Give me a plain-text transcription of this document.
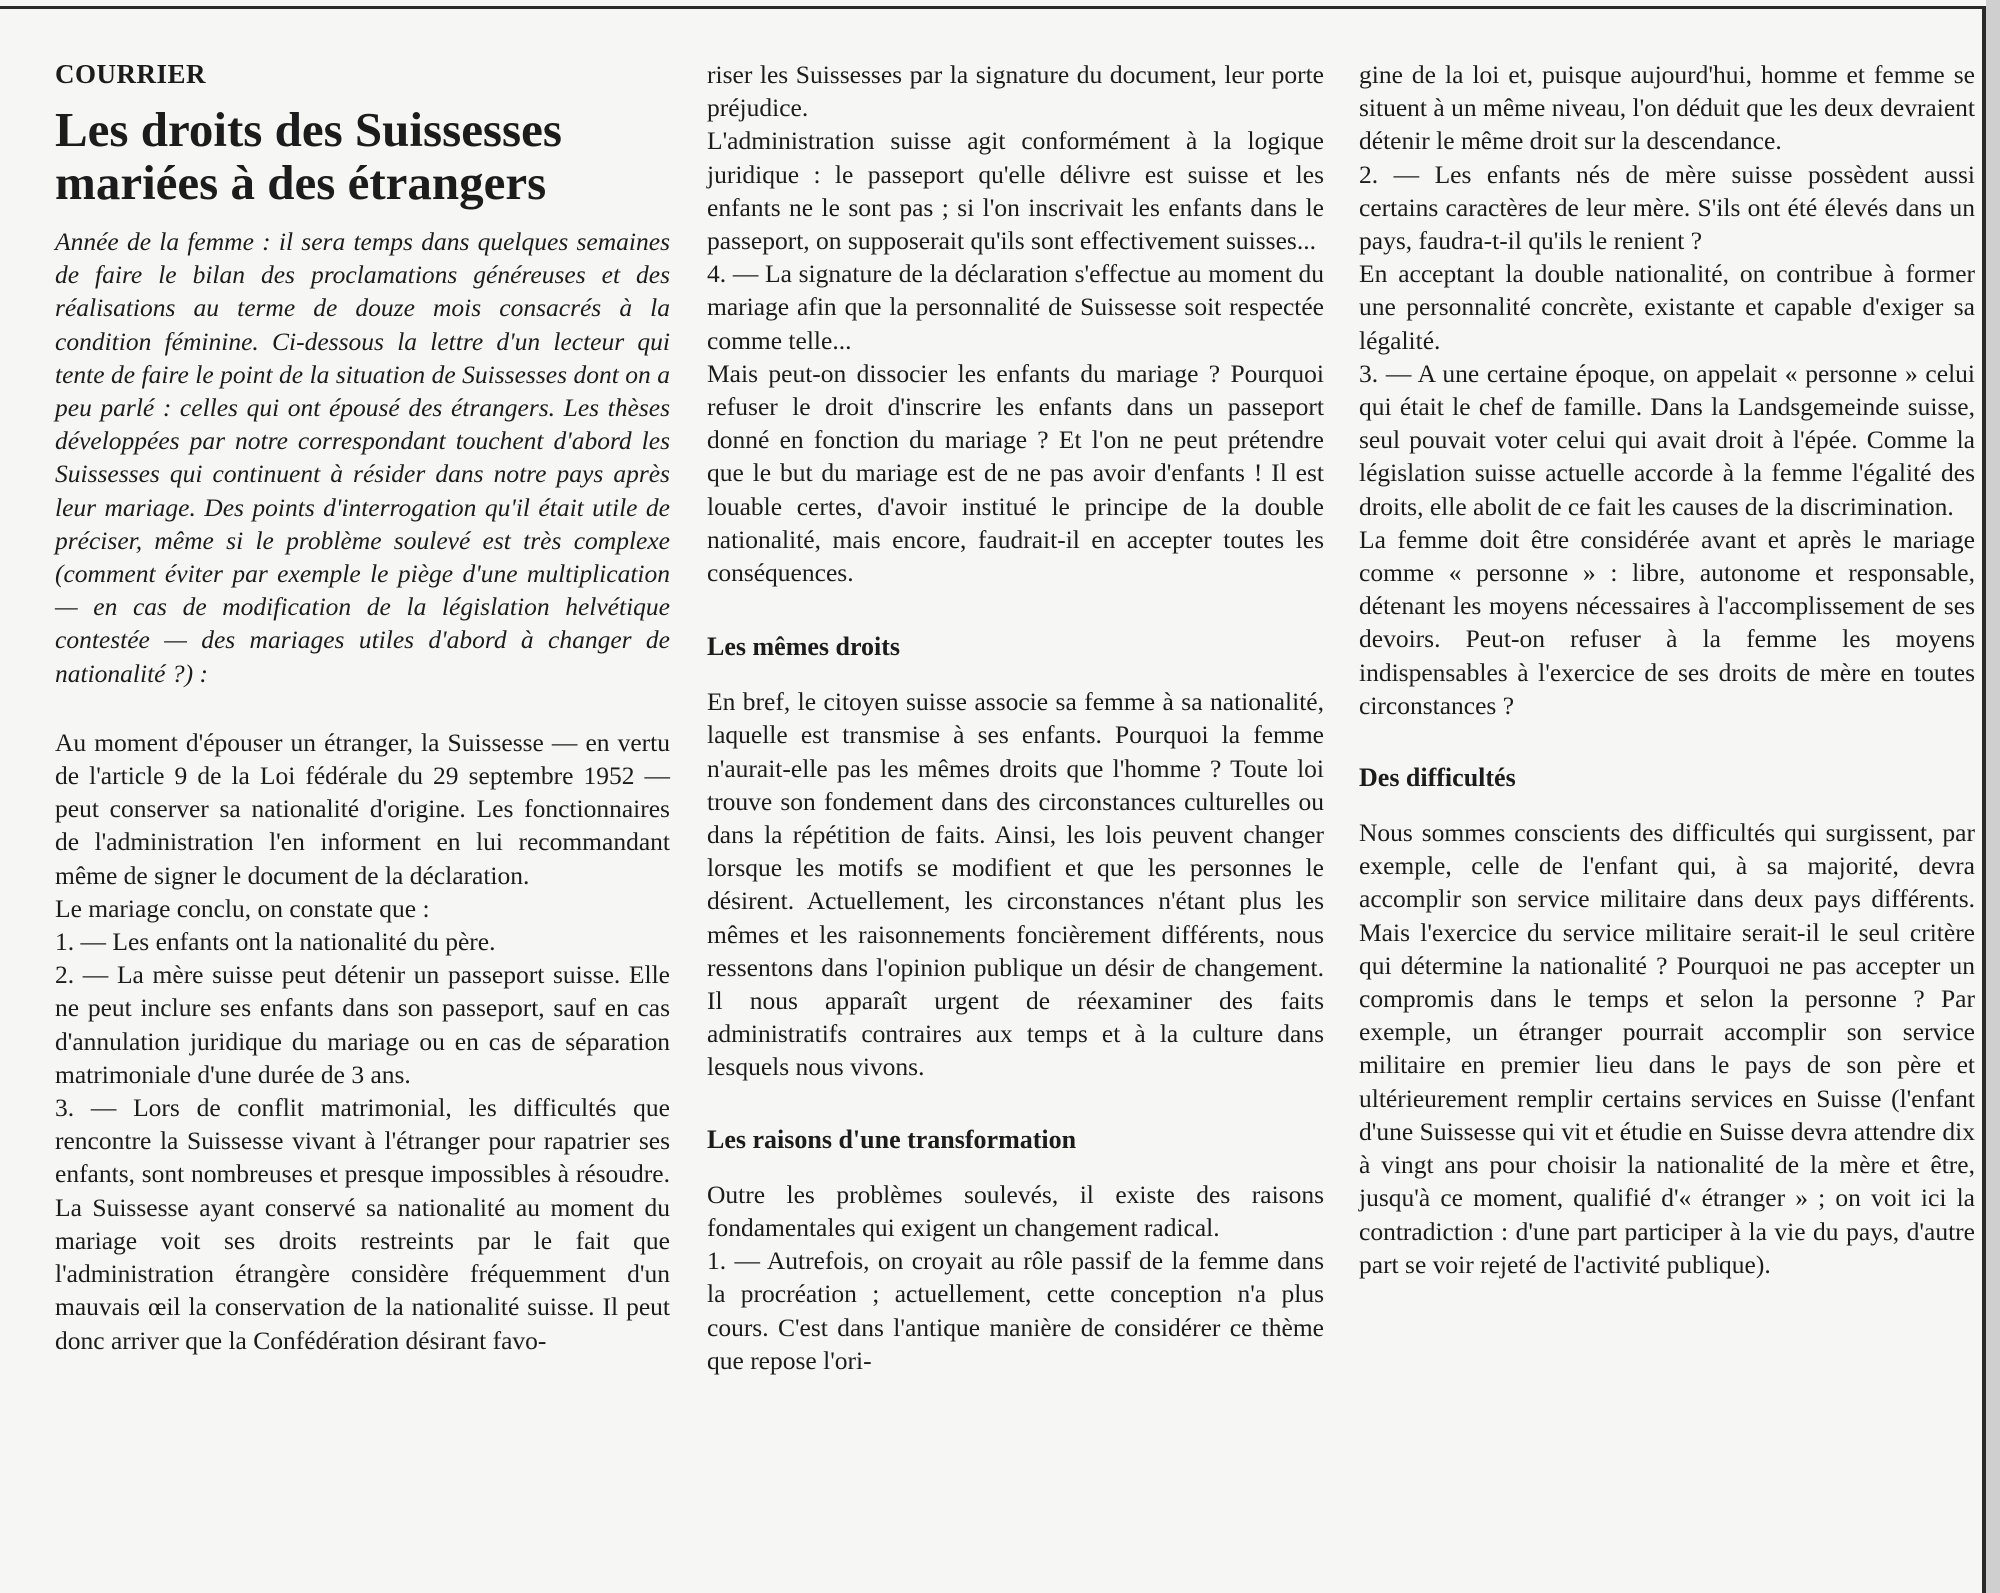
COURRIER
Les droits des Suissesses
mariées à des étrangers

Année de la femme : il sera temps dans quelques semaines de faire le bilan des proclamations généreuses et des réalisations au terme de douze mois consacrés à la condition féminine. Ci-dessous la lettre d'un lecteur qui tente de faire le point de la situation de Suissesses dont on a peu parlé : celles qui ont épousé des étrangers. Les thèses développées par notre correspondant touchent d'abord les Suissesses qui continuent à résider dans notre pays après leur mariage. Des points d'interrogation qu'il était utile de préciser, même si le problème soulevé est très complexe (comment éviter par exemple le piège d'une multiplication — en cas de modification de la législation helvétique contestée — des mariages utiles d'abord à changer de nationalité ?) :

Au moment d'épouser un étranger, la Suissesse — en vertu de l'article 9 de la Loi fédérale du 29 septembre 1952 — peut conserver sa nationalité d'origine. Les fonctionnaires de l'administration l'en informent en lui recommandant même de signer le document de la déclaration.

Le mariage conclu, on constate que :

1. — Les enfants ont la nationalité du père.

2. — La mère suisse peut détenir un passeport suisse. Elle ne peut inclure ses enfants dans son passeport, sauf en cas d'annulation juridique du mariage ou en cas de séparation matrimoniale d'une durée de 3 ans.

3. — Lors de conflit matrimonial, les difficultés que rencontre la Suissesse vivant à l'étranger pour rapatrier ses enfants, sont nombreuses et presque impossibles à résoudre. La Suissesse ayant conservé sa nationalité au moment du mariage voit ses droits restreints par le fait que l'administration étrangère considère fréquemment d'un mauvais œil la conservation de la nationalité suisse. Il peut donc arriver que la Confédération désirant favo-

riser les Suissesses par la signature du document, leur porte préjudice.

L'administration suisse agit conformément à la logique juridique : le passeport qu'elle délivre est suisse et les enfants ne le sont pas ; si l'on inscrivait les enfants dans le passeport, on supposerait qu'ils sont effectivement suisses...

4. — La signature de la déclaration s'effectue au moment du mariage afin que la personnalité de Suissesse soit respectée comme telle...

Mais peut-on dissocier les enfants du mariage ? Pourquoi refuser le droit d'inscrire les enfants dans un passeport donné en fonction du mariage ? Et l'on ne peut prétendre que le but du mariage est de ne pas avoir d'enfants ! Il est louable certes, d'avoir institué le principe de la double nationalité, mais encore, faudrait-il en accepter toutes les conséquences.

Les mêmes droits

En bref, le citoyen suisse associe sa femme à sa nationalité, laquelle est transmise à ses enfants. Pourquoi la femme n'aurait-elle pas les mêmes droits que l'homme ? Toute loi trouve son fondement dans des circonstances culturelles ou dans la répétition de faits. Ainsi, les lois peuvent changer lorsque les motifs se modifient et que les personnes le désirent. Actuellement, les circonstances n'étant plus les mêmes et les raisonnements foncièrement différents, nous ressentons dans l'opinion publique un désir de changement. Il nous apparaît urgent de réexaminer des faits administratifs contraires aux temps et à la culture dans lesquels nous vivons.

Les raisons d'une transformation

Outre les problèmes soulevés, il existe des raisons fondamentales qui exigent un changement radical.

1. — Autrefois, on croyait au rôle passif de la femme dans la procréation ; actuellement, cette conception n'a plus cours. C'est dans l'antique manière de considérer ce thème que repose l'ori-

gine de la loi et, puisque aujourd'hui, homme et femme se situent à un même niveau, l'on déduit que les deux devraient détenir le même droit sur la descendance.

2. — Les enfants nés de mère suisse possèdent aussi certains caractères de leur mère. S'ils ont été élevés dans un pays, faudra-t-il qu'ils le renient ?

En acceptant la double nationalité, on contribue à former une personnalité concrète, existante et capable d'exiger sa légalité.

3. — A une certaine époque, on appelait « personne » celui qui était le chef de famille. Dans la Landsgemeinde suisse, seul pouvait voter celui qui avait droit à l'épée. Comme la législation suisse actuelle accorde à la femme l'égalité des droits, elle abolit de ce fait les causes de la discrimination.

La femme doit être considérée avant et après le mariage comme « personne » : libre, autonome et responsable, détenant les moyens nécessaires à l'accomplissement de ses devoirs. Peut-on refuser à la femme les moyens indispensables à l'exercice de ses droits de mère en toutes circonstances ?

Des difficultés

Nous sommes conscients des difficultés qui surgissent, par exemple, celle de l'enfant qui, à sa majorité, devra accomplir son service militaire dans deux pays différents. Mais l'exercice du service militaire serait-il le seul critère qui détermine la nationalité ? Pourquoi ne pas accepter un compromis dans le temps et selon la personne ? Par exemple, un étranger pourrait accomplir son service militaire en premier lieu dans le pays de son père et ultérieurement remplir certains services en Suisse (l'enfant d'une Suissesse qui vit et étudie en Suisse devra attendre dix à vingt ans pour choisir la nationalité de la mère et être, jusqu'à ce moment, qualifié d'« étranger » ; on voit ici la contradiction : d'une part participer à la vie du pays, d'autre part se voir rejeté de l'activité publique).
